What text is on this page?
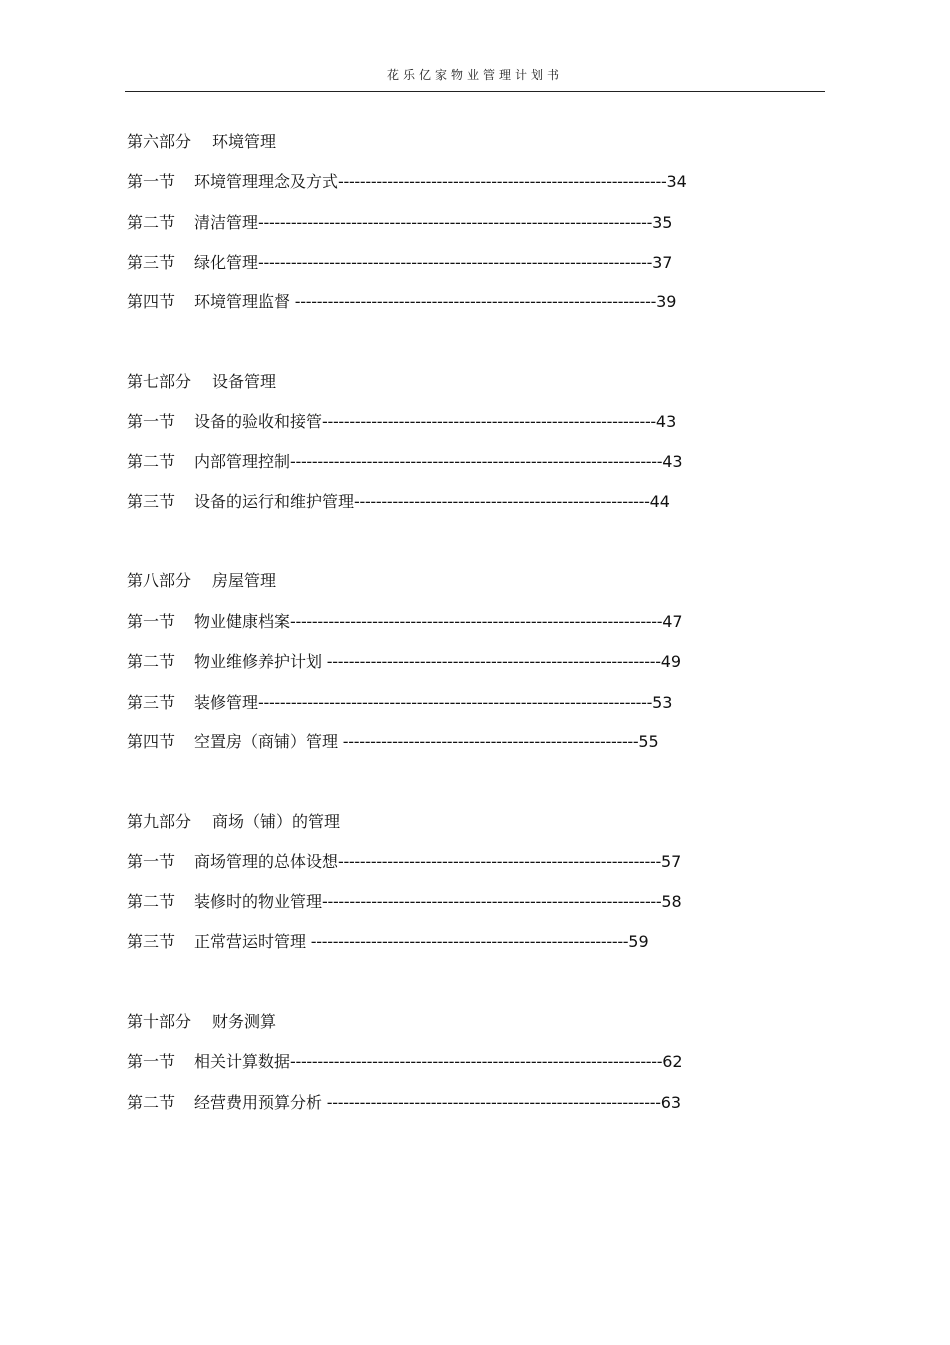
花乐亿家物业管理计划书
第六部分 环境管理
第一节 环境管理理念及方式------------------------------------------------------------34
第二节 清洁管理------------------------------------------------------------------------35
第三节 绿化管理------------------------------------------------------------------------37
第四节 环境管理监督 ------------------------------------------------------------------39
第七部分 设备管理
第一节 设备的验收和接管-------------------------------------------------------------43
第二节 内部管理控制--------------------------------------------------------------------43
第三节 设备的运行和维护管理------------------------------------------------------44
第八部分 房屋管理
第一节 物业健康档案--------------------------------------------------------------------47
第二节 物业维修养护计划 -------------------------------------------------------------49
第三节 装修管理------------------------------------------------------------------------53
第四节 空置房（商铺）管理 ------------------------------------------------------55
第九部分 商场（铺）的管理
第一节 商场管理的总体设想-----------------------------------------------------------57
第二节 装修时的物业管理--------------------------------------------------------------58
第三节 正常营运时管理 ----------------------------------------------------------59
第十部分 财务测算
第一节 相关计算数据--------------------------------------------------------------------62
第二节 经营费用预算分析 -------------------------------------------------------------63
